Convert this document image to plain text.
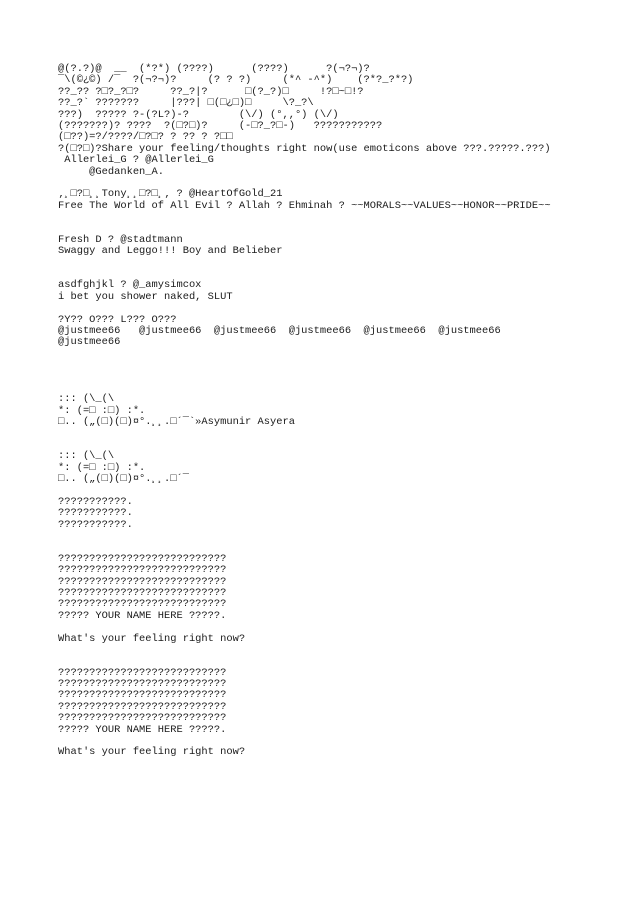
@(?.?)@  __  (*?*) (????)      (????)      ?(¬?¬)?
¯\(©¿©) /¯  ?(¬?¬)?     (? ? ?)     (*^ -^*)    (?*?_?*?)
??_?? ?□?_?□?     ??_?|?      □(?_?)□     !?□~□!?
??_?` ???????     |???| □(□¿□)□     \?_?\
???)  ????? ?-(?L?)-?        (\/) (°,,°) (\/)
(???????)? ????  ?(□?□)?     (-□?_?□-)   ???????????
(□??)=?/????/□?□? ? ?? ? ?□□
?(□?□)?Share your feeling/thoughts right now(use emoticons above ???.?????.???)
Allerlei_G ? @Allerlei_G
@Gedanken_A.

‚¸□?□¸¸Tony¸¸□?□¸‚ ? @HeartOfGold_21
Free The World of All Evil ? Allah ? Ehminah ? ~~MORALS~~VALUES~~HONOR~~PRIDE~~

Fresh D ? @stadtmann
Swaggy and Leggo!!! Boy and Belieber

asdfghjkl ? @_amysimcox
i bet you shower naked, SLUT

?Y?? O??? L??? O???
@justmee66   @justmee66  @justmee66  @justmee66  @justmee66  @justmee66
@justmee66

::: (\_(\
*: (=□ :□) :*.
□.. („(□)(□)¤°.¸¸.□´¯`»Asymunir Asyera

::: (\_(\
*: (=□ :□) :*.
□.. („(□)(□)¤°.¸¸.□´¯

???????????.
???????????.
???????????.

???????????????????????????
???????????????????????????
???????????????????????????
???????????????????????????
???????????????????????????
????? YOUR NAME HERE ?????.

What's your feeling right now?

???????????????????????????
???????????????????????????
???????????????????????????
???????????????????????????
???????????????????????????
????? YOUR NAME HERE ?????.

What's your feeling right now?
